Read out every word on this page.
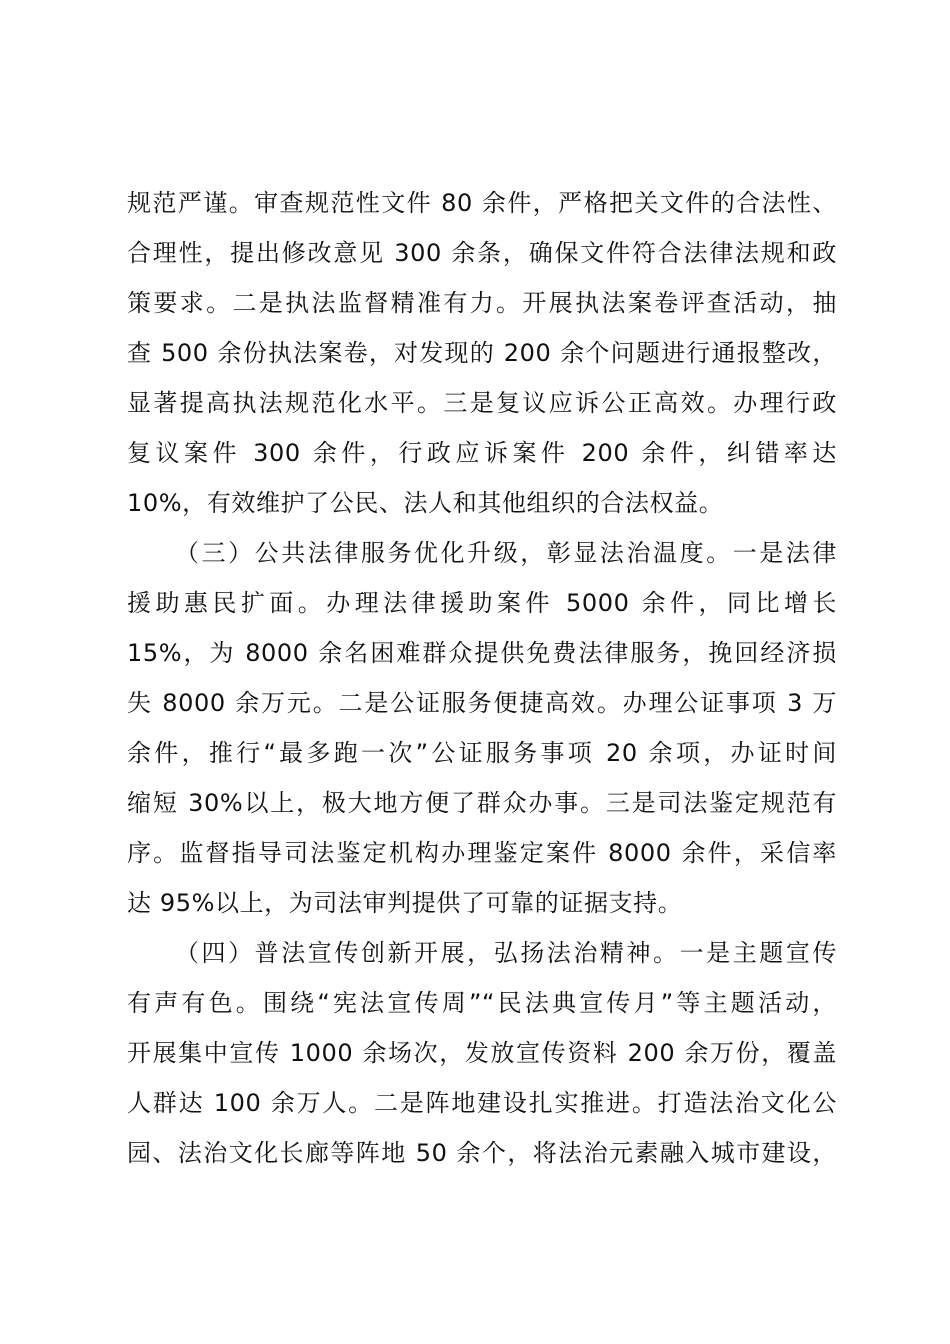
规范严谨。审查规范性文件 80 余件，严格把关文件的合法性、
合理性，提出修改意见 300 余条，确保文件符合法律法规和政
策要求。二是执法监督精准有力。开展执法案卷评查活动，抽
查 500 余份执法案卷，对发现的 200 余个问题进行通报整改，
显著提高执法规范化水平。三是复议应诉公正高效。办理行政
复议案件 300 余件，行政应诉案件 200 余件，纠错率达
10%，有效维护了公民、法人和其他组织的合法权益。
（三）公共法律服务优化升级，彰显法治温度。一是法律
援助惠民扩面。办理法律援助案件 5000 余件，同比增长
15%，为 8000 余名困难群众提供免费法律服务，挽回经济损
失 8000 余万元。二是公证服务便捷高效。办理公证事项 3 万
余件，推行“最多跑一次”公证服务事项 20 余项，办证时间
缩短 30%以上，极大地方便了群众办事。三是司法鉴定规范有
序。监督指导司法鉴定机构办理鉴定案件 8000 余件，采信率
达 95%以上，为司法审判提供了可靠的证据支持。
（四）普法宣传创新开展，弘扬法治精神。一是主题宣传
有声有色。围绕“宪法宣传周”“民法典宣传月”等主题活动，
开展集中宣传 1000 余场次，发放宣传资料 200 余万份，覆盖
人群达 100 余万人。二是阵地建设扎实推进。打造法治文化公
园、法治文化长廊等阵地 50 余个，将法治元素融入城市建设，
